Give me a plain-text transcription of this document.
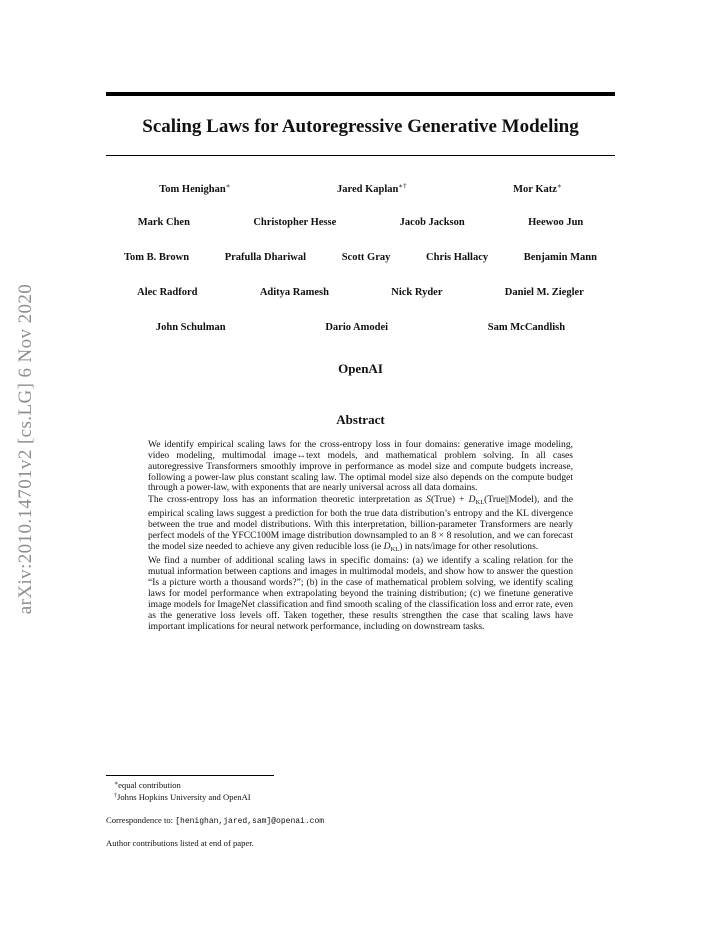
arXiv:2010.14701v2 [cs.LG] 6 Nov 2020
Scaling Laws for Autoregressive Generative Modeling
Tom Henighan∗	Jared Kaplan∗†	Mor Katz∗
Mark Chen	Christopher Hesse	Jacob Jackson	Heewoo Jun
Tom B. Brown	Prafulla Dhariwal	Scott Gray	Chris Hallacy	Benjamin Mann
Alec Radford	Aditya Ramesh	Nick Ryder	Daniel M. Ziegler
John Schulman	Dario Amodei	Sam McCandlish
OpenAI
Abstract

We identify empirical scaling laws for the cross-entropy loss in four domains: generative image modeling, video modeling, multimodal image↔text models, and mathematical problem solving. In all cases autoregressive Transformers smoothly improve in performance as model size and compute budgets increase, following a power-law plus constant scaling law. The optimal model size also depends on the compute budget through a power-law, with exponents that are nearly universal across all data domains.

The cross-entropy loss has an information theoretic interpretation as S(True) + $D_{KL}(True||Model)$, and the empirical scaling laws suggest a prediction for both the true data distribution’s entropy and the KL divergence between the true and model distributions. With this interpretation, billion-parameter Transformers are nearly perfect models of the YFCC100M image distribution downsampled to an 8 × 8 resolution, and we can forecast the model size needed to achieve any given reducible loss (ie $D_{KL}$) in nats/image for other resolutions.

We find a number of additional scaling laws in specific domains: (a) we identify a scaling relation for the mutual information between captions and images in multimodal models, and show how to answer the question “Is a picture worth a thousand words?”; (b) in the case of mathematical problem solving, we identify scaling laws for model performance when extrapolating beyond the training distribution; (c) we finetune generative image models for ImageNet classification and find smooth scaling of the classification loss and error rate, even as the generative loss levels off. Taken together, these results strengthen the case that scaling laws have important implications for neural network performance, including on downstream tasks.

∗equal contribution
†Johns Hopkins University and OpenAI
Correspondence to: [henighan,jared,sam]@openai.com
Author contributions listed at end of paper.
